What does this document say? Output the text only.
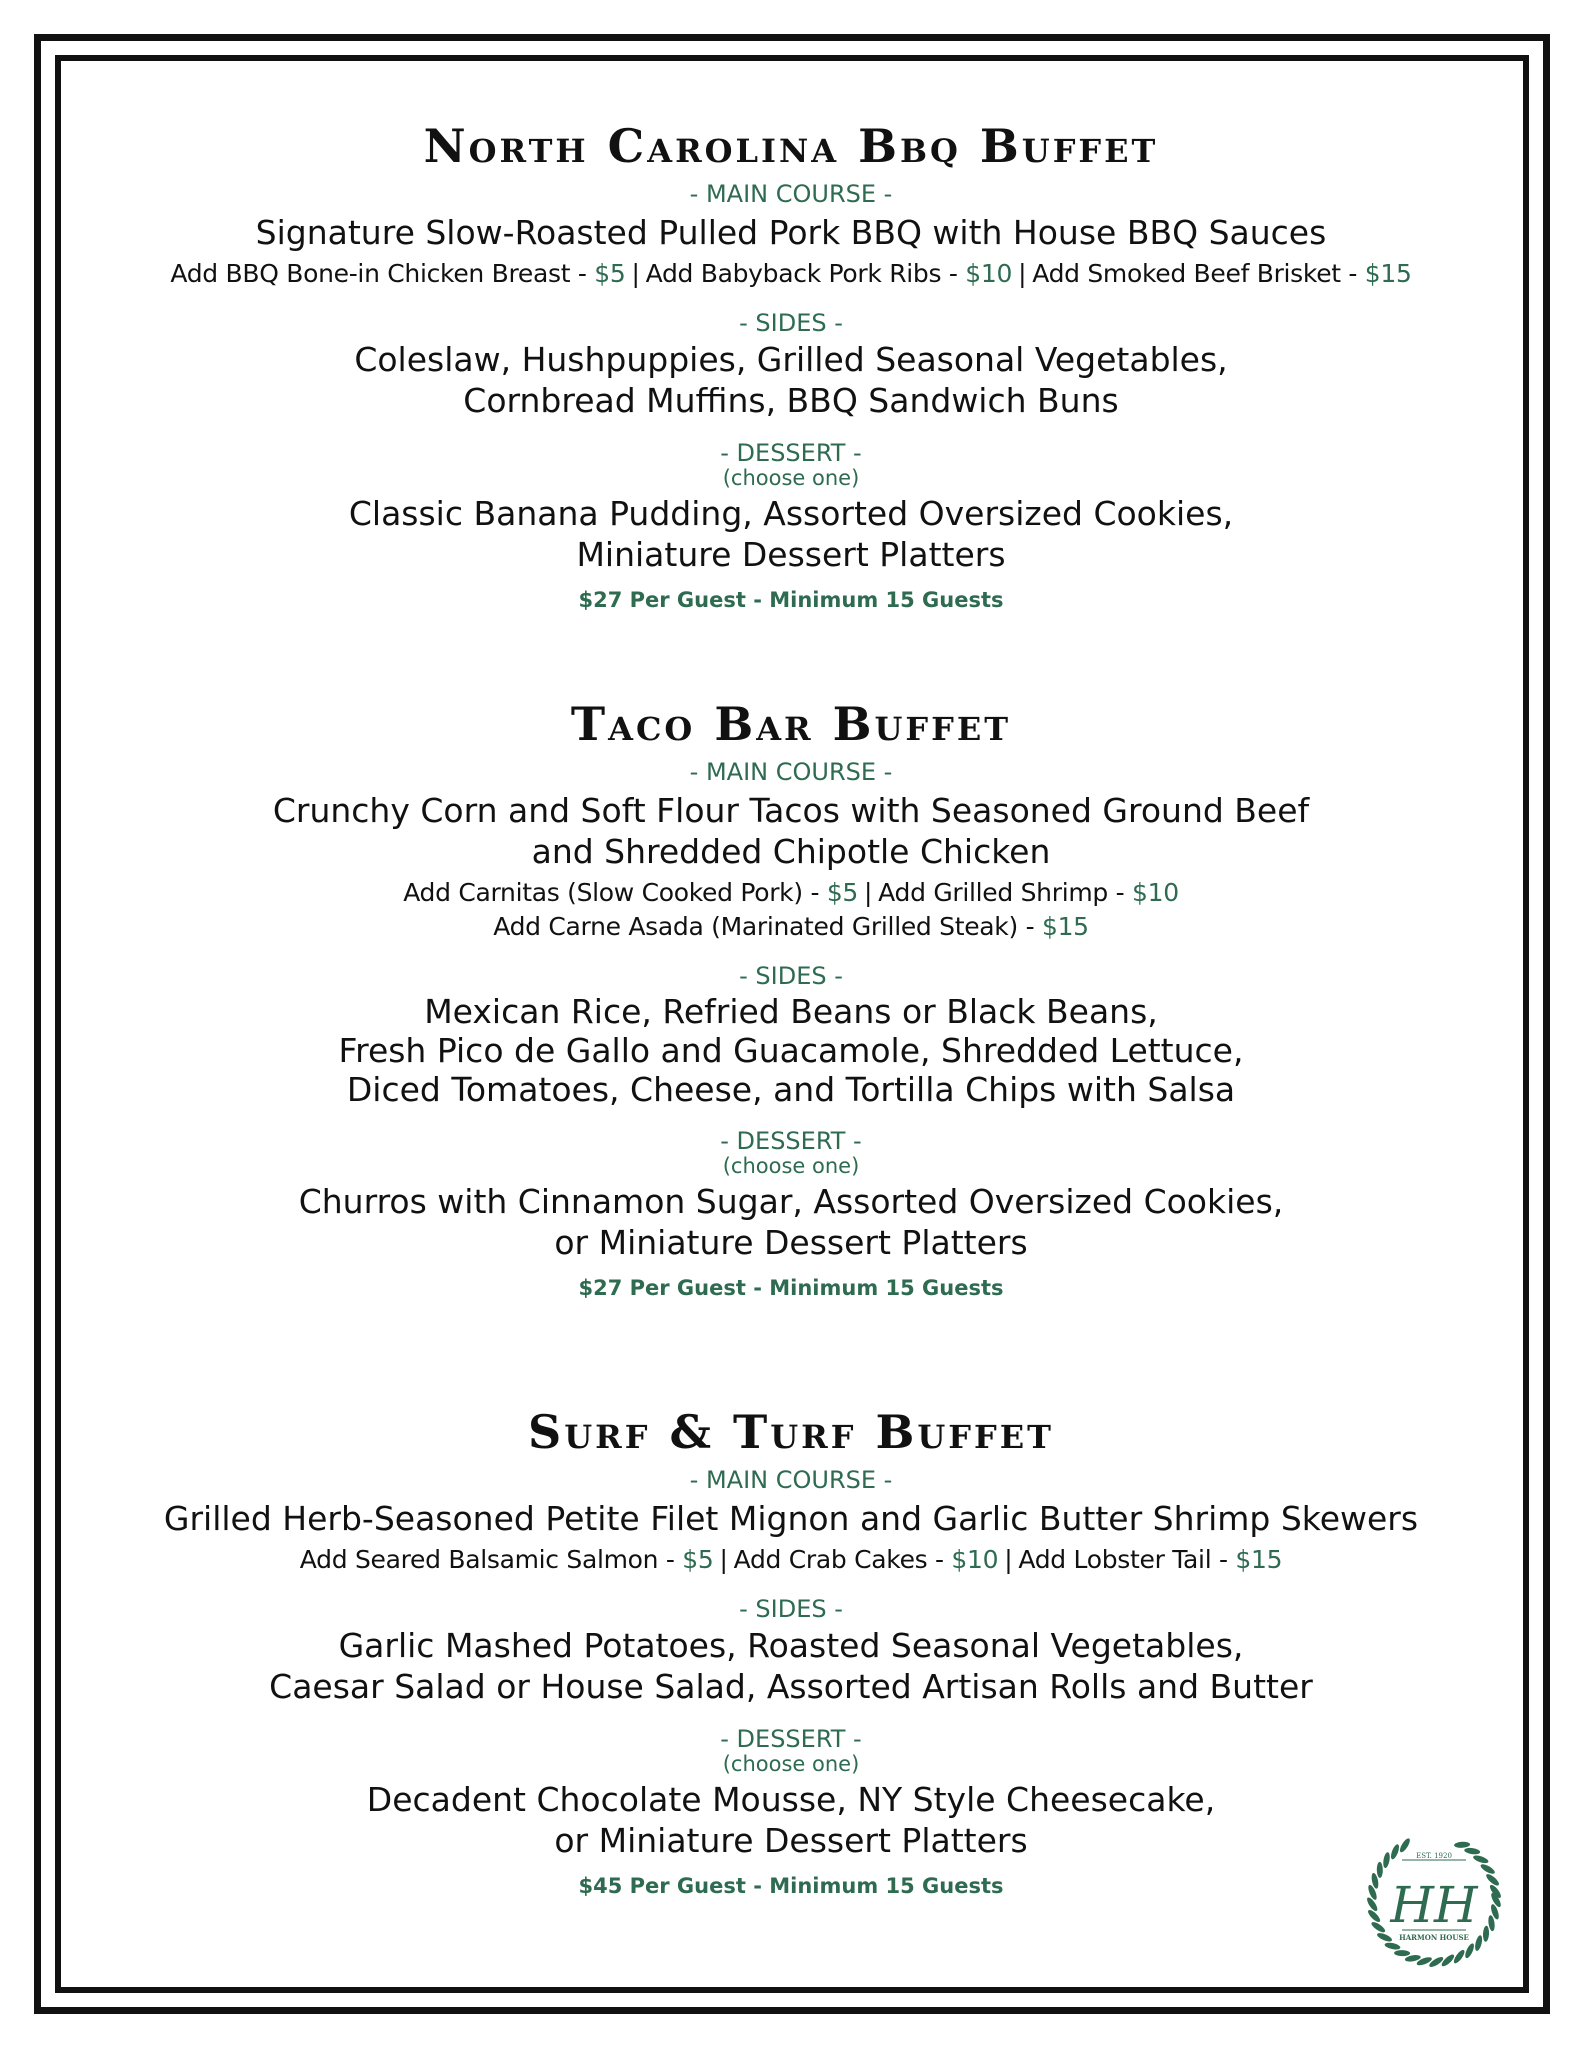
North Carolina Bbq Buffet

- MAIN COURSE -

Signature Slow-Roasted Pulled Pork BBQ with House BBQ Sauces

Add BBQ Bone-in Chicken Breast - $5 | Add Babyback Pork Ribs - $10 | Add Smoked Beef Brisket - $15

- SIDES -

Coleslaw, Hushpuppies, Grilled Seasonal Vegetables,

Cornbread Muffins, BBQ Sandwich Buns

- DESSERT -

(choose one)

Classic Banana Pudding, Assorted Oversized Cookies,

Miniature Dessert Platters

$27 Per Guest - Minimum 15 Guests

Taco Bar Buffet

- MAIN COURSE -

Crunchy Corn and Soft Flour Tacos with Seasoned Ground Beef

and Shredded Chipotle Chicken

Add Carnitas (Slow Cooked Pork) - $5 | Add Grilled Shrimp - $10

Add Carne Asada (Marinated Grilled Steak) - $15

- SIDES -

Mexican Rice, Refried Beans or Black Beans,

Fresh Pico de Gallo and Guacamole, Shredded Lettuce,

Diced Tomatoes, Cheese, and Tortilla Chips with Salsa

- DESSERT -

(choose one)

Churros with Cinnamon Sugar, Assorted Oversized Cookies,

or Miniature Dessert Platters

$27 Per Guest - Minimum 15 Guests

Surf & Turf Buffet

- MAIN COURSE -

Grilled Herb-Seasoned Petite Filet Mignon and Garlic Butter Shrimp Skewers

Add Seared Balsamic Salmon - $5 | Add Crab Cakes - $10 | Add Lobster Tail - $15

- SIDES -

Garlic Mashed Potatoes, Roasted Seasonal Vegetables,

Caesar Salad or House Salad, Assorted Artisan Rolls and Butter

- DESSERT -

(choose one)

Decadent Chocolate Mousse, NY Style Cheesecake,

or Miniature Dessert Platters

$45 Per Guest - Minimum 15 Guests

EST. 1920
HH
HARMON HOUSE
